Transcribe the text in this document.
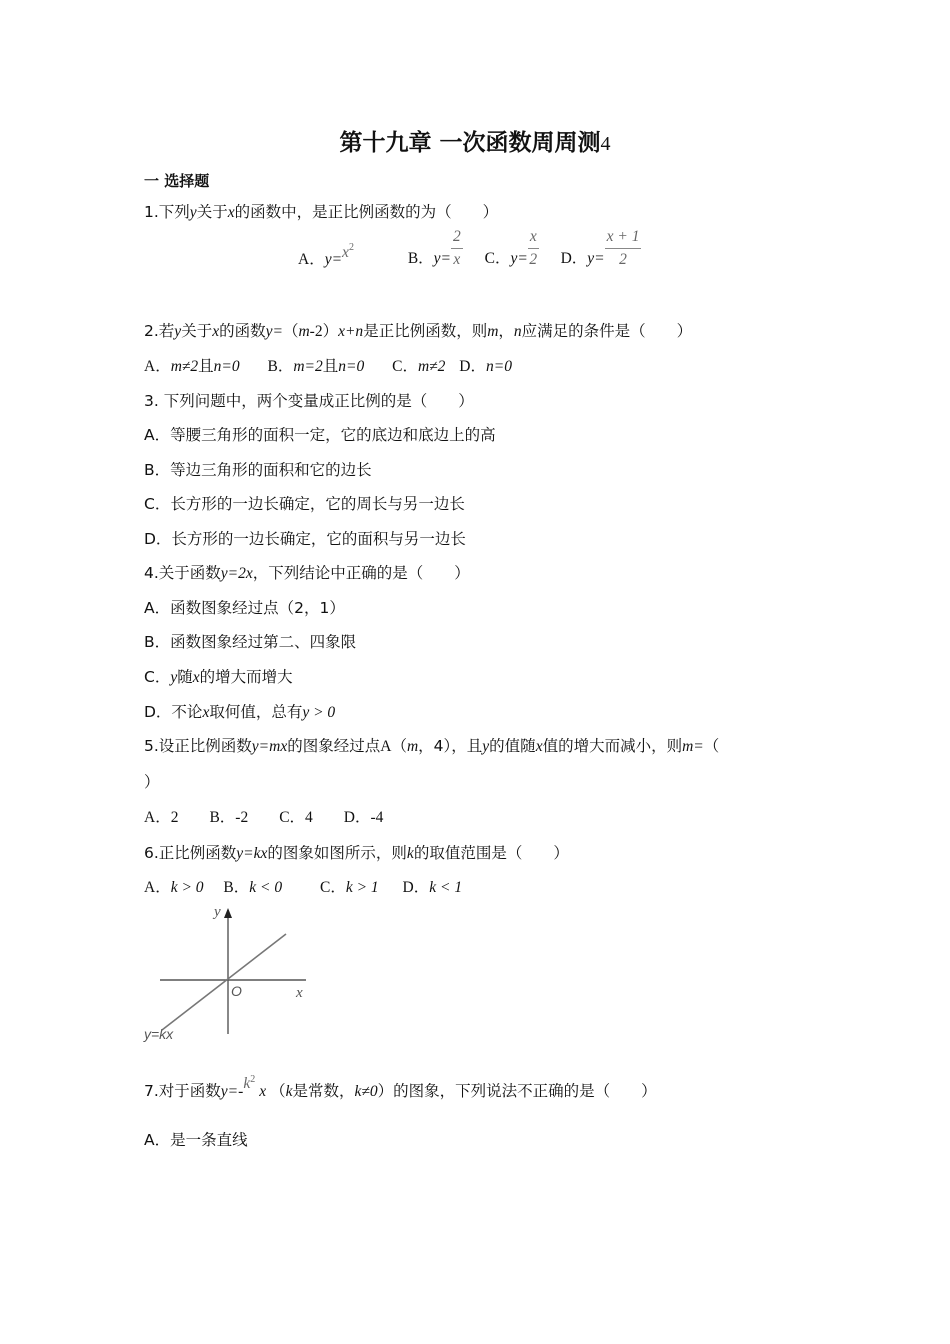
第十九章 一次函数周周测4
一 选择题
1.下列y关于x的函数中，是正比例函数的为（　　）
A．$y=x^2$  B．$y= \frac{2}{x}$ C．$y= \frac{x}{2}$ D．$y= \frac{x + 1}{2}$
2.若y关于x的函数y=（m-2）x+n是正比例函数，则m，n应满足的条件是（　　）
A．m≠2且n=0 B．m=2且n=0 C．m≠2 D．n=0
3. 下列问题中，两个变量成正比例的是（　　）
A．等腰三角形的面积一定，它的底边和底边上的高
B．等边三角形的面积和它的边长
C．长方形的一边长确定，它的周长与另一边长
D．长方形的一边长确定，它的面积与另一边长
4.关于函数y=2x，下列结论中正确的是（　　）
A．函数图象经过点（2，1）
B．函数图象经过第二、四象限
C．y随x的增大而增大
D．不论x取何值，总有y > 0
5.设正比例函数y=mx的图象经过点A（m，4），且y的值随x值的增大而减小，则m=（
）
A．2　　B．-2　　C．4　　D．-4
6.正比例函数y=kx的图象如图所示，则k的取值范围是（　　）
A．k > 0 B．k < 0 C．k > 1 D．k < 1
y
x
O
y=kx
7.对于函数$y=-k^2x$ （k是常数，k≠0）的图象，下列说法不正确的是（　　）
A．是一条直线
